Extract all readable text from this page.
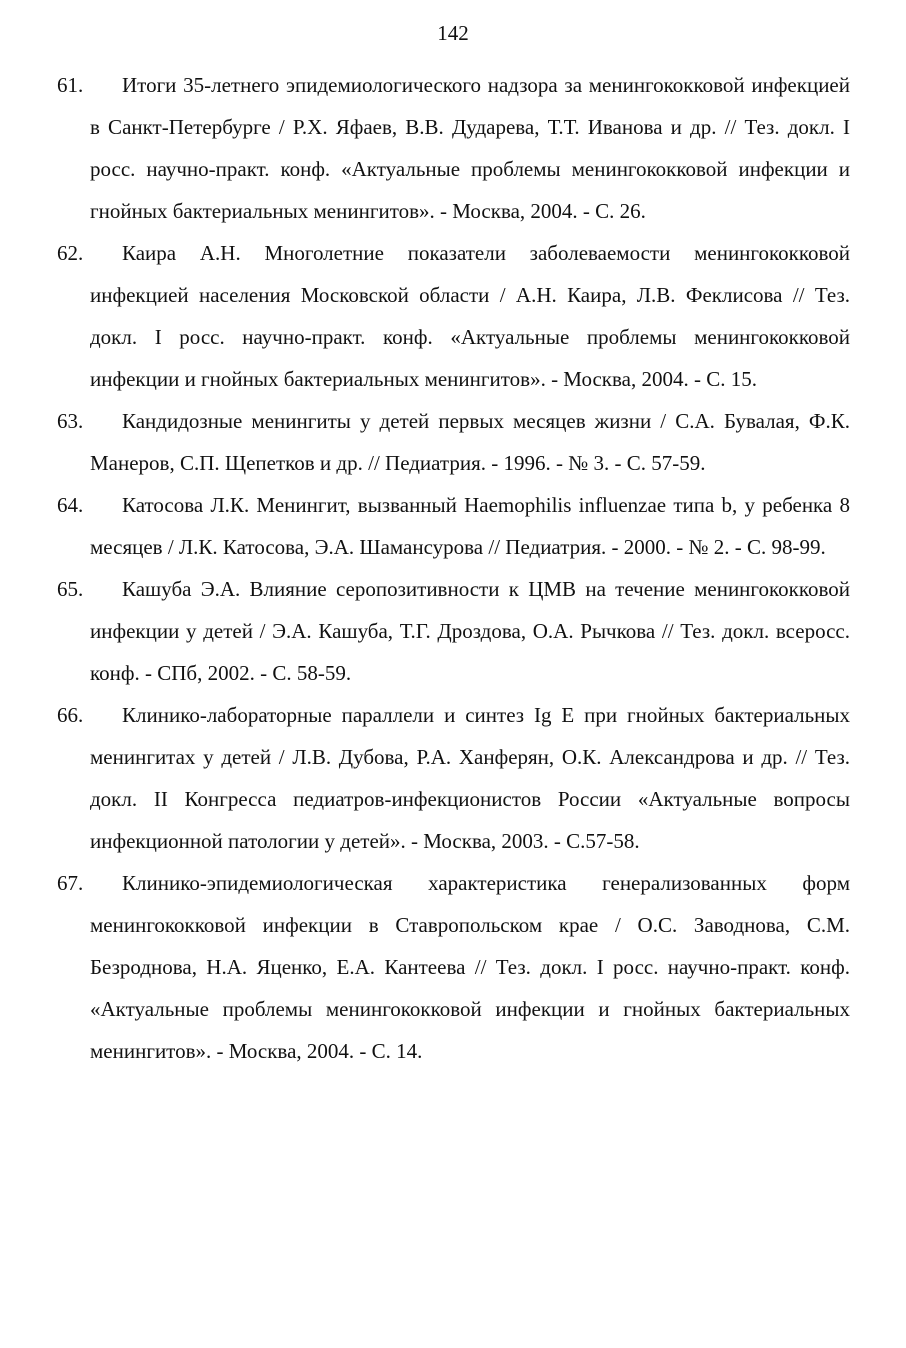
142
61.	Итоги 35-летнего эпидемиологического надзора за менингококковой инфекцией в Санкт-Петербурге / Р.Х. Яфаев, В.В. Дударева, Т.Т. Иванова и др. // Тез. докл. I росс. научно-практ. конф. «Актуальные проблемы менингококковой инфекции и гнойных бактериальных менингитов». - Москва, 2004. - С. 26.
62.	Каира А.Н. Многолетние показатели заболеваемости менингококковой инфекцией населения Московской области / А.Н. Каира, Л.В. Феклисова // Тез. докл. I росс. научно-практ. конф. «Актуальные проблемы менингококковой инфекции и гнойных бактериальных менингитов». - Москва, 2004. - С. 15.
63.	Кандидозные менингиты у детей первых месяцев жизни / С.А. Бувалая, Ф.К. Манеров, С.П. Щепетков и др. // Педиатрия. - 1996. - № 3. - С. 57-59.
64.	Катосова Л.К. Менингит, вызванный Haemophilis influenzae типа b, у ребенка 8 месяцев / Л.К. Катосова, Э.А. Шамансурова // Педиатрия. - 2000. - № 2. - С. 98-99.
65.	Кашуба Э.А. Влияние серопозитивности к ЦМВ на течение менингококковой инфекции у детей / Э.А. Кашуба, Т.Г. Дроздова, О.А. Рычкова // Тез. докл. всеросс. конф. - СПб, 2002. - С. 58-59.
66.	Клинико-лабораторные параллели и синтез Ig E при гнойных бактериальных менингитах у детей / Л.В. Дубова, Р.А. Ханферян, О.К. Александрова и др. // Тез. докл. II Конгресса педиатров-инфекционистов России «Актуальные вопросы инфекционной патологии у детей». - Москва, 2003. - С.57-58.
67.	Клинико-эпидемиологическая характеристика генерализованных форм менингококковой инфекции в Ставропольском крае / О.С. Заводнова, С.М. Безроднова, Н.А. Яценко, Е.А. Кантеева // Тез. докл. I росс. научно-практ. конф. «Актуальные проблемы менингококковой инфекции и гнойных бактериальных менингитов». - Москва, 2004. - С. 14.
